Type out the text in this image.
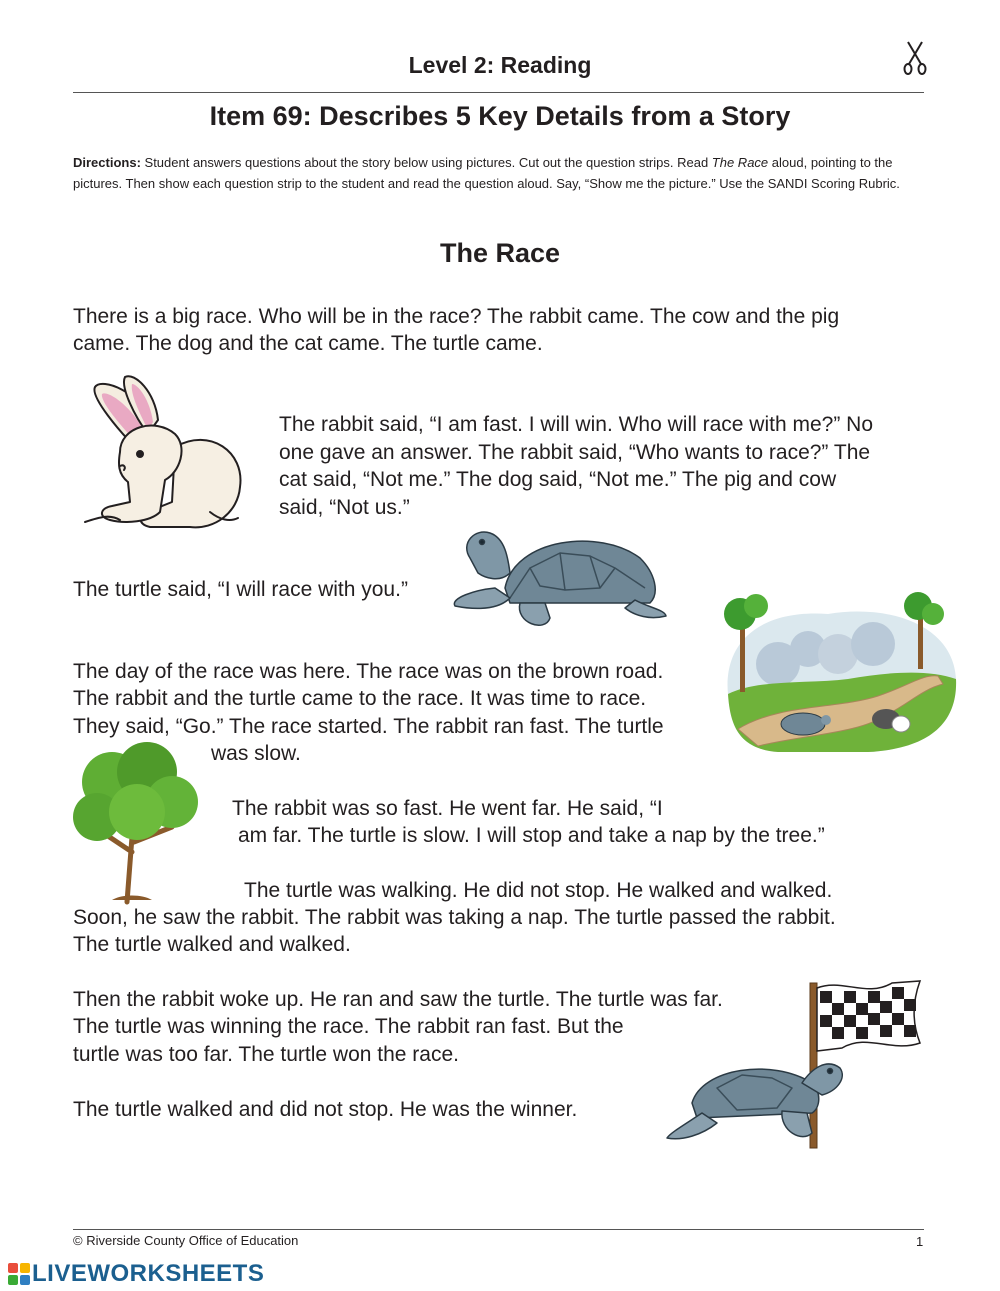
Level 2: Reading
Item 69: Describes 5 Key Details from a Story
Directions: Student answers questions about the story below using pictures. Cut out the question strips. Read The Race aloud, pointing to the pictures. Then show each question strip to the student and read the question aloud. Say, “Show me the picture.” Use the SANDI Scoring Rubric.
The Race
There is a big race. Who will be in the race? The rabbit came. The cow and the pig
came. The dog and the cat came. The turtle came.
The rabbit said, “I am fast. I will win. Who will race with me?” No
one gave an answer. The rabbit said, “Who wants to race?” The
cat said, “Not me.” The dog said, “Not me.” The pig and cow
said, “Not us.”
The turtle said, “I will race with you.”
The day of the race was here. The race was on the brown road.
The rabbit and the turtle came to the race. It was time to race.
They said, “Go.” The race started. The rabbit ran fast. The turtle
was slow.
The rabbit was so fast. He went far. He said, “I
am far. The turtle is slow. I will stop and take a nap by the tree.”
The turtle was walking. He did not stop. He walked and walked.
Soon, he saw the rabbit. The rabbit was taking a nap. The turtle passed the rabbit.
The turtle walked and walked.
Then the rabbit woke up. He ran and saw the turtle. The turtle was far.
The turtle was winning the race. The rabbit ran fast. But the
turtle was too far. The turtle won the race.
The turtle walked and did not stop. He was the winner.
© Riverside County Office of Education	1
LIVEWORKSHEETS
